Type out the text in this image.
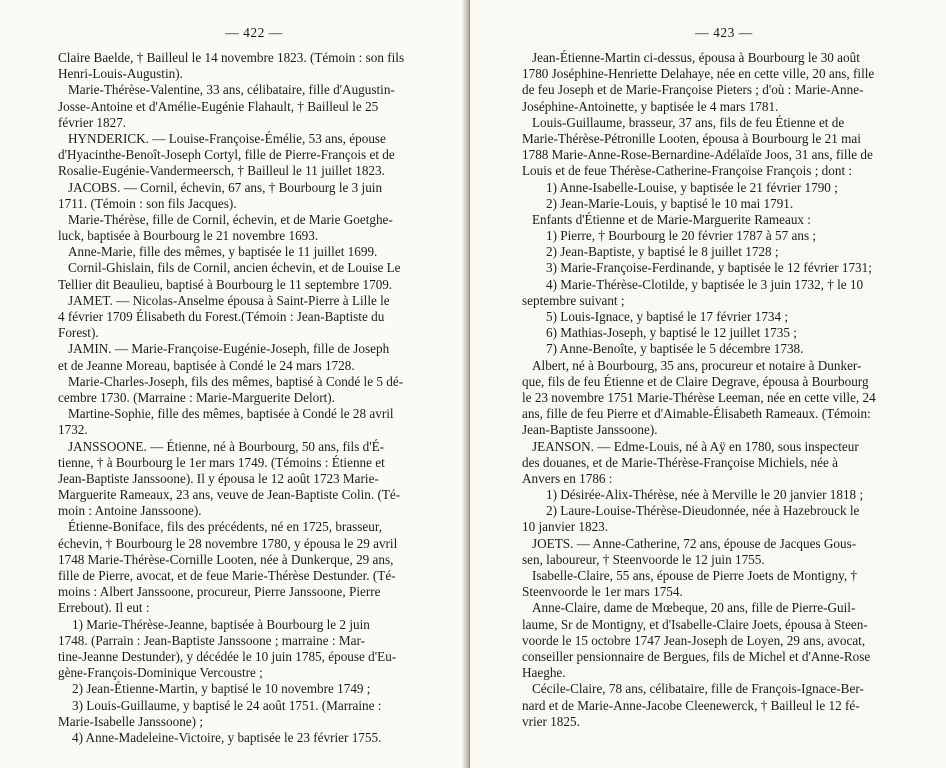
— 422 —
Claire Baelde, † Bailleul le 14 novembre 1823. (Témoin : son fils
Henri-Louis-Augustin).
Marie-Thérèse-Valentine, 33 ans, célibataire, fille d'Augustin-
Josse-Antoine et d'Amélie-Eugénie Flahault, † Bailleul le 25
février 1827.
HYNDERICK. — Louise-Françoise-Émélie, 53 ans, épouse
d'Hyacinthe-Benoît-Joseph Cortyl, fille de Pierre-François et de
Rosalie-Eugénie-Vandermeersch, † Bailleul le 11 juillet 1823.
JACOBS. — Cornil, échevin, 67 ans, † Bourbourg le 3 juin
1711. (Témoin : son fils Jacques).
Marie-Thérèse, fille de Cornil, échevin, et de Marie Goetghe-
luck, baptisée à Bourbourg le 21 novembre 1693.
Anne-Marie, fille des mêmes, y baptisée le 11 juillet 1699.
Cornil-Ghislain, fils de Cornil, ancien échevin, et de Louise Le
Tellier dit Beaulieu, baptisé à Bourbourg le 11 septembre 1709.
JAMET. — Nicolas-Anselme épousa à Saint-Pierre à Lille le
4 février 1709 Élisabeth du Forest.(Témoin : Jean-Baptiste du
Forest).
JAMIN. — Marie-Françoise-Eugénie-Joseph, fille de Joseph
et de Jeanne Moreau, baptisée à Condé le 24 mars 1728.
Marie-Charles-Joseph, fils des mêmes, baptisé à Condé le 5 dé-
cembre 1730. (Marraine : Marie-Marguerite Delort).
Martine-Sophie, fille des mêmes, baptisée à Condé le 28 avril
1732.
JANSSOONE. — Étienne, né à Bourbourg, 50 ans, fils d'É-
tienne, † à Bourbourg le 1er mars 1749. (Témoins : Étienne et
Jean-Baptiste Janssoone). Il y épousa le 12 août 1723 Marie-
Marguerite Rameaux, 23 ans, veuve de Jean-Baptiste Colin. (Té-
moin : Antoine Janssoone).
Étienne-Boniface, fils des précédents, né en 1725, brasseur,
échevin, † Bourbourg le 28 novembre 1780, y épousa le 29 avril
1748 Marie-Thérèse-Cornille Looten, née à Dunkerque, 29 ans,
fille de Pierre, avocat, et de feue Marie-Thérèse Destunder. (Té-
moins : Albert Janssoone, procureur, Pierre Janssoone, Pierre
Errebout). Il eut :
1) Marie-Thérèse-Jeanne, baptisée à Bourbourg le 2 juin
1748. (Parrain : Jean-Baptiste Janssoone ; marraine : Mar-
tine-Jeanne Destunder), y décédée le 10 juin 1785, épouse d'Eu-
gène-François-Dominique Vercoustre ;
2) Jean-Étienne-Martin, y baptisé le 10 novembre 1749 ;
3) Louis-Guillaume, y baptisé le 24 août 1751. (Marraine :
Marie-Isabelle Janssoone) ;
4) Anne-Madeleine-Victoire, y baptisée le 23 février 1755.
— 423 —
Jean-Étienne-Martin ci-dessus, épousa à Bourbourg le 30 août
1780 Joséphine-Henriette Delahaye, née en cette ville, 20 ans, fille
de feu Joseph et de Marie-Françoise Pieters ; d'où : Marie-Anne-
Joséphine-Antoinette, y baptisée le 4 mars 1781.
Louis-Guillaume, brasseur, 37 ans, fils de feu Étienne et de
Marie-Thérèse-Pétronille Looten, épousa à Bourbourg le 21 mai
1788 Marie-Anne-Rose-Bernardine-Adélaïde Joos, 31 ans, fille de
Louis et de feue Thérèse-Catherine-Françoise François ; dont :
1) Anne-Isabelle-Louise, y baptisée le 21 février 1790 ;
2) Jean-Marie-Louis, y baptisé le 10 mai 1791.
Enfants d'Étienne et de Marie-Marguerite Rameaux :
1) Pierre, † Bourbourg le 20 février 1787 à 57 ans ;
2) Jean-Baptiste, y baptisé le 8 juillet 1728 ;
3) Marie-Françoise-Ferdinande, y baptisée le 12 février 1731;
4) Marie-Thérèse-Clotilde, y baptisée le 3 juin 1732, † le 10
septembre suivant ;
5) Louis-Ignace, y baptisé le 17 février 1734 ;
6) Mathias-Joseph, y baptisé le 12 juillet 1735 ;
7) Anne-Benoîte, y baptisée le 5 décembre 1738.
Albert, né à Bourbourg, 35 ans, procureur et notaire à Dunker-
que, fils de feu Étienne et de Claire Degrave, épousa à Bourbourg
le 23 novembre 1751 Marie-Thérèse Leeman, née en cette ville, 24
ans, fille de feu Pierre et d'Aimable-Élisabeth Rameaux. (Témoin:
Jean-Baptiste Janssoone).
JEANSON. — Edme-Louis, né à Aÿ en 1780, sous inspecteur
des douanes, et de Marie-Thérèse-Françoise Michiels, née à
Anvers en 1786 :
1) Désirée-Alix-Thérèse, née à Merville le 20 janvier 1818 ;
2) Laure-Louise-Thérèse-Dieudonnée, née à Hazebrouck le
10 janvier 1823.
JOETS. — Anne-Catherine, 72 ans, épouse de Jacques Gous-
sen, laboureur, † Steenvoorde le 12 juin 1755.
Isabelle-Claire, 55 ans, épouse de Pierre Joets de Montigny, †
Steenvoorde le 1er mars 1754.
Anne-Claire, dame de Mœbeque, 20 ans, fille de Pierre-Guil-
laume, Sr de Montigny, et d'Isabelle-Claire Joets, épousa à Steen-
voorde le 15 octobre 1747 Jean-Joseph de Loyen, 29 ans, avocat,
conseiller pensionnaire de Bergues, fils de Michel et d'Anne-Rose
Haeghe.
Cécile-Claire, 78 ans, célibataire, fille de François-Ignace-Ber-
nard et de Marie-Anne-Jacobe Cleenewerck, † Bailleul le 12 fé-
vrier 1825.
